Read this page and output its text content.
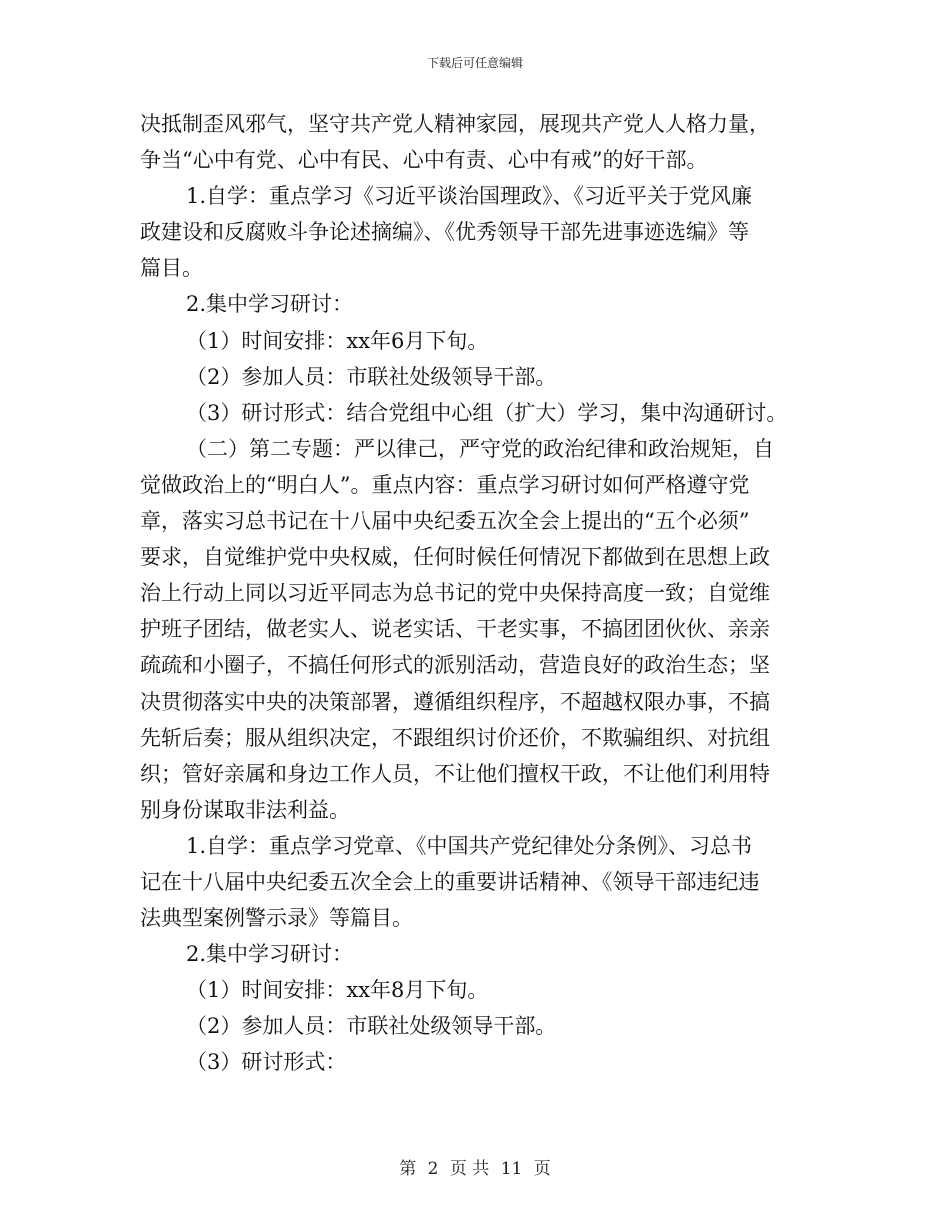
下载后可任意编辑
决抵制歪风邪气，坚守共产党人精神家园，展现共产党人人格力量，
争当“心中有党、心中有民、心中有责、心中有戒”的好干部。
1.自学：重点学习《习近平谈治国理政》、《习近平关于党风廉
政建设和反腐败斗争论述摘编》、《优秀领导干部先进事迹选编》等
篇目。
2.集中学习研讨：
（1）时间安排：xx年6月下旬。
（2）参加人员：市联社处级领导干部。
（3）研讨形式：结合党组中心组（扩大）学习，集中沟通研讨。
（二）第二专题：严以律己，严守党的政治纪律和政治规矩，自
觉做政治上的“明白人”。重点内容：重点学习研讨如何严格遵守党
章，落实习总书记在十八届中央纪委五次全会上提出的“五个必须”
要求，自觉维护党中央权威，任何时候任何情况下都做到在思想上政
治上行动上同以习近平同志为总书记的党中央保持高度一致；自觉维
护班子团结，做老实人、说老实话、干老实事，不搞团团伙伙、亲亲
疏疏和小圈子，不搞任何形式的派别活动，营造良好的政治生态；坚
决贯彻落实中央的决策部署，遵循组织程序，不超越权限办事，不搞
先斩后奏；服从组织决定，不跟组织讨价还价，不欺骗组织、对抗组
织；管好亲属和身边工作人员，不让他们擅权干政，不让他们利用特
别身份谋取非法利益。
1.自学：重点学习党章、《中国共产党纪律处分条例》、习总书
记在十八届中央纪委五次全会上的重要讲话精神、《领导干部违纪违
法典型案例警示录》等篇目。
2.集中学习研讨：
（1）时间安排：xx年8月下旬。
（2）参加人员：市联社处级领导干部。
（3）研讨形式：
第 2 页 共 11 页
